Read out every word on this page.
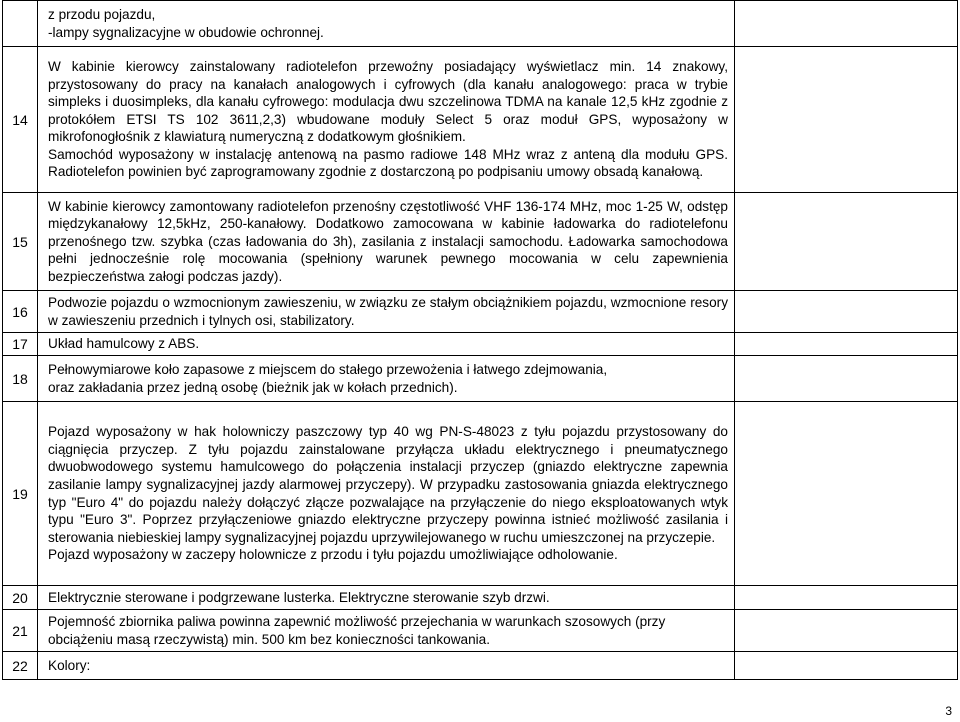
	z przodu pojazdu,

-lampy sygnalizacyjne w obudowie ochronnej.	

14	W kabinie kierowcy zainstalowany radiotelefon przewoźny posiadający wyświetlacz min. 14 znakowy, przystosowany do pracy na kanałach analogowych i cyfrowych (dla kanału analogowego: praca w trybie simpleks i duosimpleks, dla kanału cyfrowego: modulacja dwu szczelinowa TDMA na kanale 12,5 kHz zgodnie z protokółem ETSI TS 102 3611,2,3) wbudowane moduły Select 5 oraz moduł GPS, wyposażony w mikrofonogłośnik z klawiaturą numeryczną z dodatkowym głośnikiem.

Samochód wyposażony w instalację antenową na pasmo radiowe 148 MHz wraz z anteną dla modułu GPS. Radiotelefon powinien być zaprogramowany zgodnie z dostarczoną po podpisaniu umowy obsadą kanałową.	

15	W kabinie kierowcy zamontowany radiotelefon przenośny częstotliwość VHF 136-174 MHz, moc 1-25 W, odstęp międzykanałowy 12,5kHz, 250-kanałowy. Dodatkowo zamocowana w kabinie ładowarka do radiotelefonu przenośnego tzw. szybka (czas ładowania do 3h), zasilania z instalacji samochodu. Ładowarka samochodowa pełni jednocześnie rolę mocowania (spełniony warunek pewnego mocowania w celu zapewnienia bezpieczeństwa załogi podczas jazdy).	

16	Podwozie pojazdu o wzmocnionym zawieszeniu, w związku ze stałym obciążnikiem pojazdu, wzmocnione resory w zawieszeniu przednich i tylnych osi, stabilizatory.	

17	Układ hamulcowy z ABS.	

18	Pełnowymiarowe koło zapasowe z miejscem do stałego przewożenia i łatwego zdejmowania,

oraz zakładania przez jedną osobę (bieżnik jak w kołach przednich).	

19	Pojazd wyposażony w hak holowniczy paszczowy typ 40 wg PN-S-48023 z tyłu pojazdu przystosowany do ciągnięcia przyczep. Z tyłu pojazdu zainstalowane przyłącza układu elektrycznego i pneumatycznego dwuobwodowego systemu hamulcowego do połączenia instalacji przyczep (gniazdo elektryczne zapewnia zasilanie lampy sygnalizacyjnej jazdy alarmowej przyczepy). W przypadku zastosowania gniazda elektrycznego typ "Euro 4" do pojazdu należy dołączyć złącze pozwalające na przyłączenie do niego eksploatowanych wtyk typu "Euro 3". Poprzez przyłączeniowe gniazdo elektryczne przyczepy powinna istnieć możliwość zasilania i sterowania niebieskiej lampy sygnalizacyjnej pojazdu uprzywilejowanego w ruchu umieszczonej na przyczepie.

Pojazd wyposażony w zaczepy holownicze z przodu i tyłu pojazdu umożliwiające odholowanie.	

20	Elektrycznie sterowane i podgrzewane lusterka. Elektryczne sterowanie szyb drzwi.	

21	Pojemność zbiornika paliwa powinna zapewnić możliwość przejechania w warunkach szosowych (przy obciążeniu masą rzeczywistą) min. 500 km bez konieczności tankowania.	

22	Kolory:	

3
